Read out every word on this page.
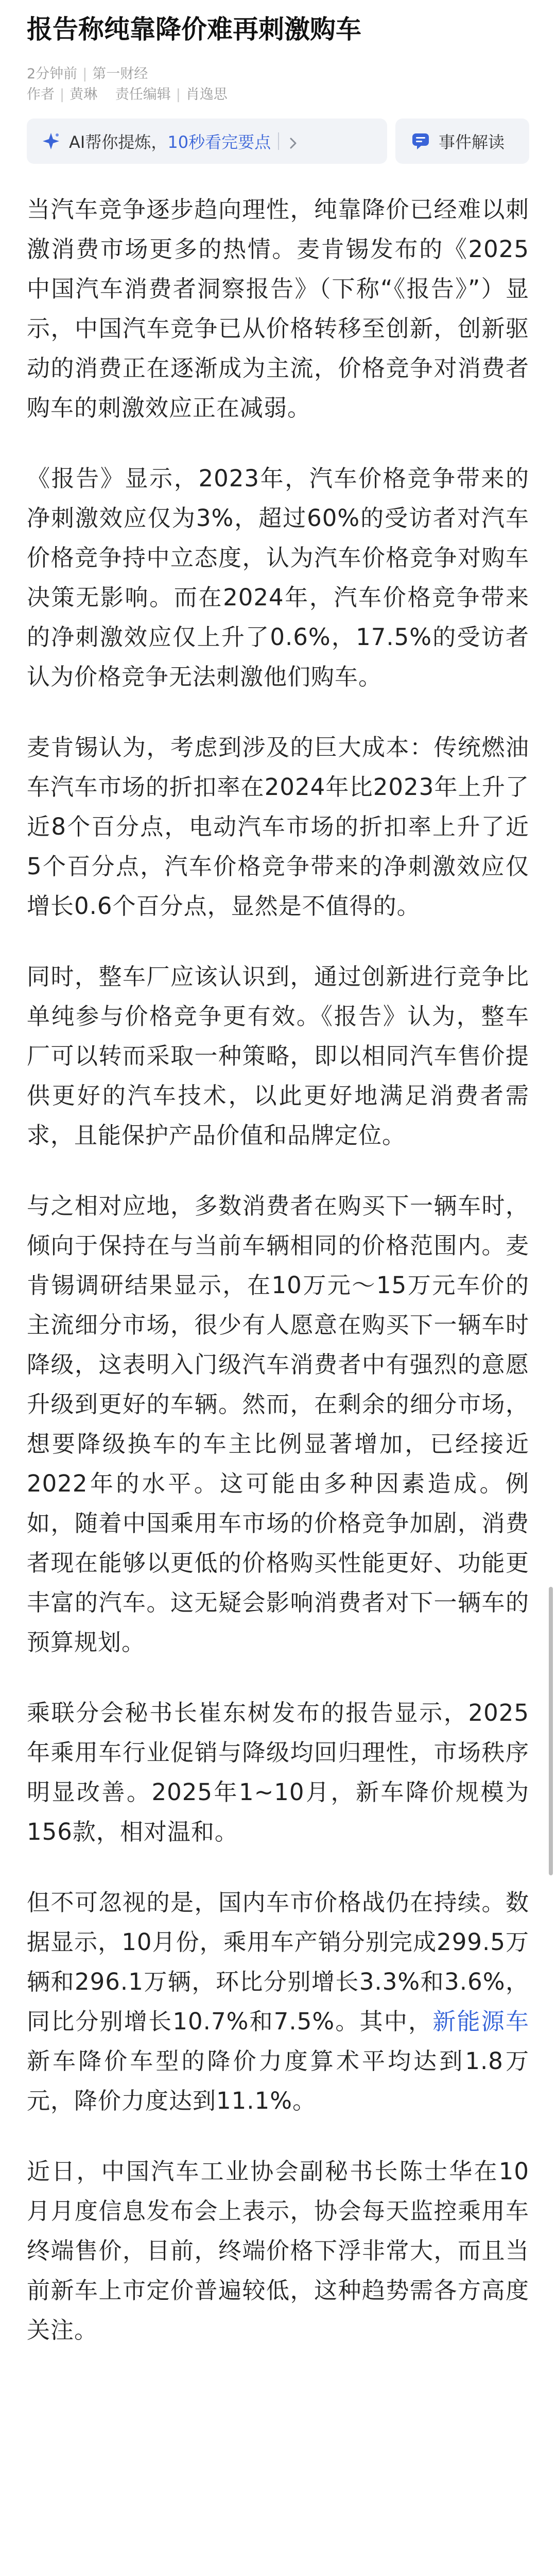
报告称纯靠降价难再刺激购车
2分钟前 | 第一财经
作者 | 黄琳 责任编辑 | 肖逸思
AI帮你提炼， 10秒看完要点	事件解读

当汽车竞争逐步趋向理性，纯靠降价已经难以刺激消费市场更多的热情。麦肯锡发布的《2025中国汽车消费者洞察报告》（下称“《报告》”）显示，中国汽车竞争已从价格转移至创新，创新驱动的消费正在逐渐成为主流，价格竞争对消费者购车的刺激效应正在减弱。

《报告》显示，2023年，汽车价格竞争带来的净刺激效应仅为3%，超过60%的受访者对汽车价格竞争持中立态度，认为汽车价格竞争对购车决策无影响。而在2024年，汽车价格竞争带来的净刺激效应仅上升了0.6%，17.5%的受访者认为价格竞争无法刺激他们购车。

麦肯锡认为，考虑到涉及的巨大成本：传统燃油车汽车市场的折扣率在2024年比2023年上升了近8个百分点，电动汽车市场的折扣率上升了近5个百分点，汽车价格竞争带来的净刺激效应仅增长0.6个百分点，显然是不值得的。

同时，整车厂应该认识到，通过创新进行竞争比单纯参与价格竞争更有效。《报告》认为，整车厂可以转而采取一种策略，即以相同汽车售价提供更好的汽车技术，以此更好地满足消费者需求，且能保护产品价值和品牌定位。

与之相对应地，多数消费者在购买下一辆车时，倾向于保持在与当前车辆相同的价格范围内。麦肯锡调研结果显示，在10万元～15万元车价的主流细分市场，很少有人愿意在购买下一辆车时降级，这表明入门级汽车消费者中有强烈的意愿升级到更好的车辆。然而，在剩余的细分市场，想要降级换车的车主比例显著增加，已经接近2022年的水平。这可能由多种因素造成。例如，随着中国乘用车市场的价格竞争加剧，消费者现在能够以更低的价格购买性能更好、功能更丰富的汽车。这无疑会影响消费者对下一辆车的预算规划。

乘联分会秘书长崔东树发布的报告显示，2025年乘用车行业促销与降级均回归理性，市场秩序明显改善。2025年1~10月，新车降价规模为156款，相对温和。

但不可忽视的是，国内车市价格战仍在持续。数据显示，10月份，乘用车产销分别完成299.5万辆和296.1万辆，环比分别增长3.3%和3.6%，同比分别增长10.7%和7.5%。其中，新能源车新车降价车型的降价力度算术平均达到1.8万元，降价力度达到11.1%。

近日，中国汽车工业协会副秘书长陈士华在10月月度信息发布会上表示，协会每天监控乘用车终端售价，目前，终端价格下浮非常大，而且当前新车上市定价普遍较低，这种趋势需各方高度关注。
